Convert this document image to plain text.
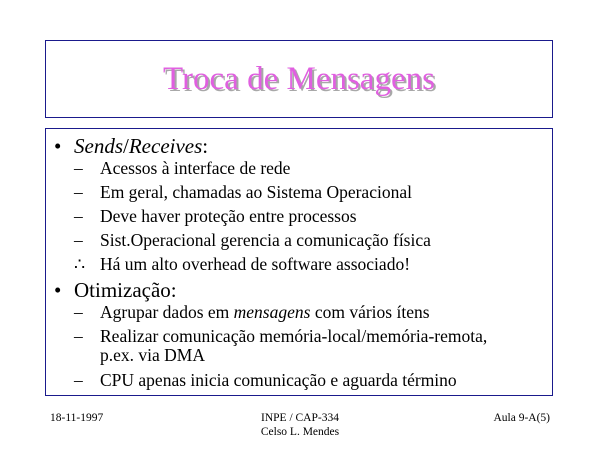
Troca de Mensagens
• Sends/Receives:
– Acessos à interface de rede
– Em geral, chamadas ao Sistema Operacional
– Deve haver proteção entre processos
– Sist.Operacional gerencia a comunicação física
∴ Há um alto overhead de software associado!
• Otimização:
– Agrupar dados em mensagens com vários ítens
– Realizar comunicação memória-local/memória-remota,
p.ex. via DMA
– CPU apenas inicia comunicação e aguarda término
18-11-1997	INPE / CAP-334
Celso L. Mendes
Aula 9-A(5)
